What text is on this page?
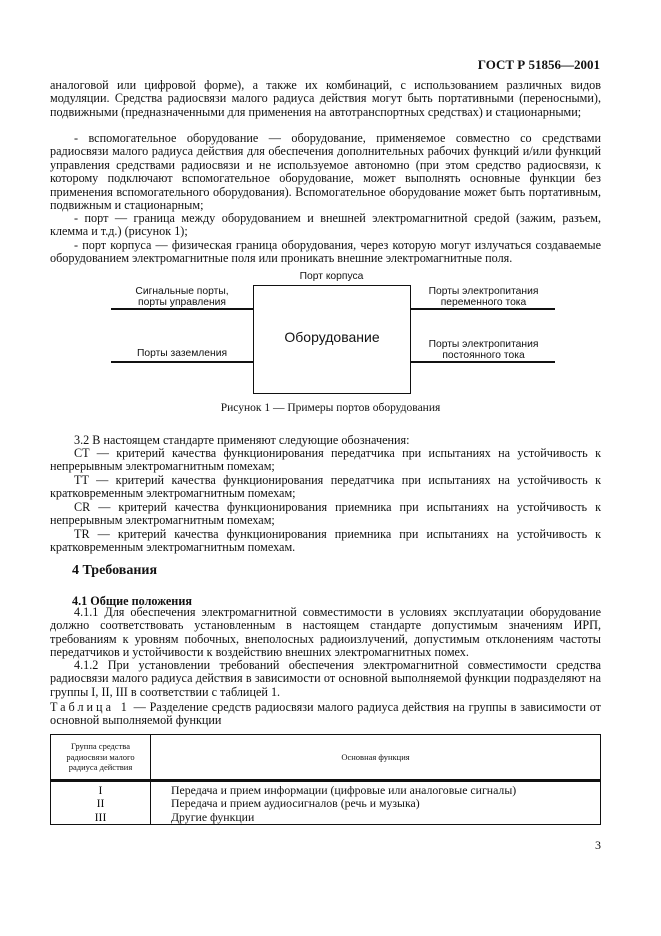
ГОСТ Р 51856—2001
аналоговой или цифровой форме), а также их комбинаций, с использованием различных видов модуляции. Средства радиосвязи малого радиуса действия могут быть портативными (переносными), подвижными (предназначенными для применения на автотранспортных средствах) и стационарными;
- вспомогательное оборудование — оборудование, применяемое совместно со средствами радиосвязи малого радиуса действия для обеспечения дополнительных рабочих функций и/или функций управления средствами радиосвязи и не используемое автономно (при этом средство радиосвязи, к которому подключают вспомогательное оборудование, может выполнять основные функции без применения вспомогательного оборудования). Вспомогательное оборудование может быть портативным, подвижным и стационарным;
- порт — граница между оборудованием и внешней электромагнитной средой (зажим, разъем, клемма и т.д.) (рисунок 1);
- порт корпуса — физическая граница оборудования, через которую могут излучаться создаваемые оборудованием электромагнитные поля или проникать внешние электромагнитные поля.
Порт корпуса
Оборудование
Сигнальные порты,
порты управления
Порты заземления
Порты электропитания
переменного тока
Порты электропитания
постоянного тока
Рисунок 1 — Примеры портов оборудования
3.2 В настоящем стандарте применяют следующие обозначения:
CT — критерий качества функционирования передатчика при испытаниях на устойчивость к непрерывным электромагнитным помехам;
TT — критерий качества функционирования передатчика при испытаниях на устойчивость к кратковременным электромагнитным помехам;
CR — критерий качества функционирования приемника при испытаниях на устойчивость к непрерывным электромагнитным помехам;
TR — критерий качества функционирования приемника при испытаниях на устойчивость к кратковременным электромагнитным помехам.
4 Требования
4.1 Общие положения
4.1.1 Для обеспечения электромагнитной совместимости в условиях эксплуатации оборудование должно соответствовать установленным в настоящем стандарте допустимым значениям ИРП, требованиям к уровням побочных, внеполосных радиоизлучений, допустимым отклонениям частоты передатчиков и устойчивости к воздействию внешних электромагнитных помех.
4.1.2 При установлении требований обеспечения электромагнитной совместимости средства радиосвязи малого радиуса действия в зависимости от основной выполняемой функции подразделяют на группы I, II, III в соответствии с таблицей 1.
Таблица 1 — Разделение средств радиосвязи малого радиуса действия на группы в зависимости от основной выполняемой функции
Группа средства радиосвязи малого радиуса действия	Основная функция
I	Передача и прием информации (цифровые или аналоговые сигналы)
II	Передача и прием аудиосигналов (речь и музыка)
III	Другие функции
3
